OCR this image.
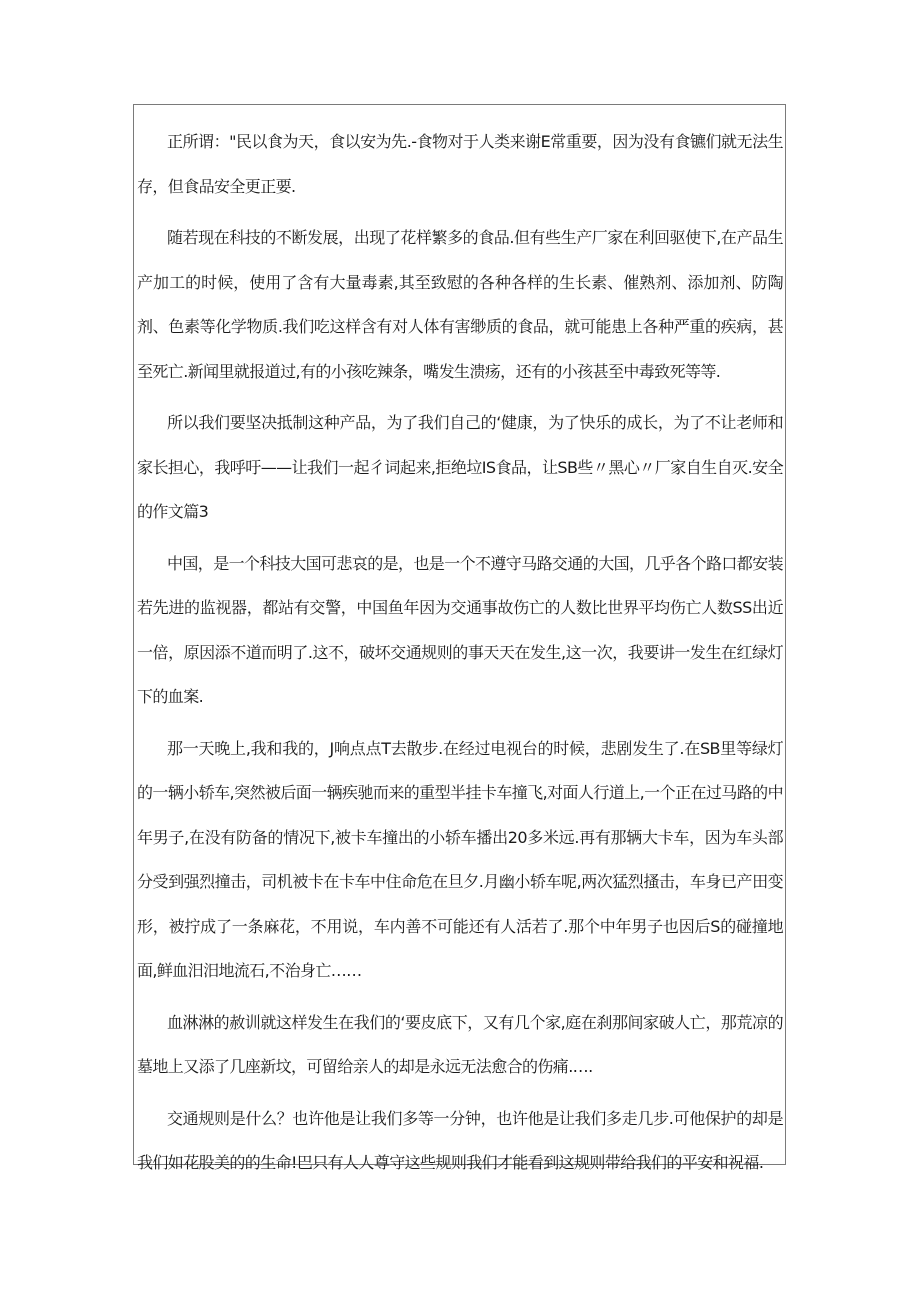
正所谓："民以食为天，食以安为先.-食物对于人类来谢E常重要，因为没有食镳们就无法生存，但食品安全更正要.

随若现在科技的不断发展，出现了花样繁多的食品.但有些生产厂家在利回驱使下,在产品生产加工的时候，使用了含有大量毒素,其至致慰的各种各样的生长素、催熟剂、添加剂、防陶剂、色素等化学物质.我们吃这样含有对人体有害缈质的食品，就可能患上各种严重的疾病，甚至死亡.新闻里就报道过,有的小孩吃辣条，嘴发生溃疡，还有的小孩甚至中毒致死等等.

所以我们要坚决抵制这种产品，为了我们自己的‘健康，为了快乐的成长，为了不让老师和家长担心，我呼吁——让我们一起彳词起来,拒绝垃IS食品，让SB些〃黑心〃厂家自生自灭.安全的作文篇3

中国，是一个科技大国可悲哀的是，也是一个不遵守马路交通的大国，几乎各个路口都安装若先进的监视器，都站有交警，中国鱼年因为交通事故伤亡的人数比世界平均伤亡人数SS出近一倍，原因添不道而明了.这不，破坏交通规则的事天天在发生,这一次，我要讲一发生在红绿灯下的血案.

那一天晚上,我和我的，J响点点T去散步.在经过电视台的时候，悲剧发生了.在SB里等绿灯的一辆小轿车,突然被后面一辆疾驰而来的重型半挂卡车撞飞,对面人行道上,一个正在过马路的中年男子,在没有防备的情况下,被卡车撞出的小轿车播出20多米远.再有那辆大卡车，因为车头部分受到强烈撞击，司机被卡在卡车中住命危在旦夕.月幽小轿车呢,两次猛烈搔击，车身已产田变形，被拧成了一条麻花，不用说，车内善不可能还有人活若了.那个中年男子也因后S的碰撞地面,鲜血汨汨地流石,不治身亡……

血淋淋的赦训就这样发生在我们的‘要皮底下，又有几个家,庭在刹那间家破人亡，那荒凉的墓地上又添了几座新坟，可留给亲人的却是永远无法愈合的伤痛.….

交通规则是什么？也许他是让我们多等一分钟，也许他是让我们多走几步.可他保护的却是我们如花股美的的生命!巴只有人人尊守这些规则我们才能看到这规则带给我们的平安和祝福.
